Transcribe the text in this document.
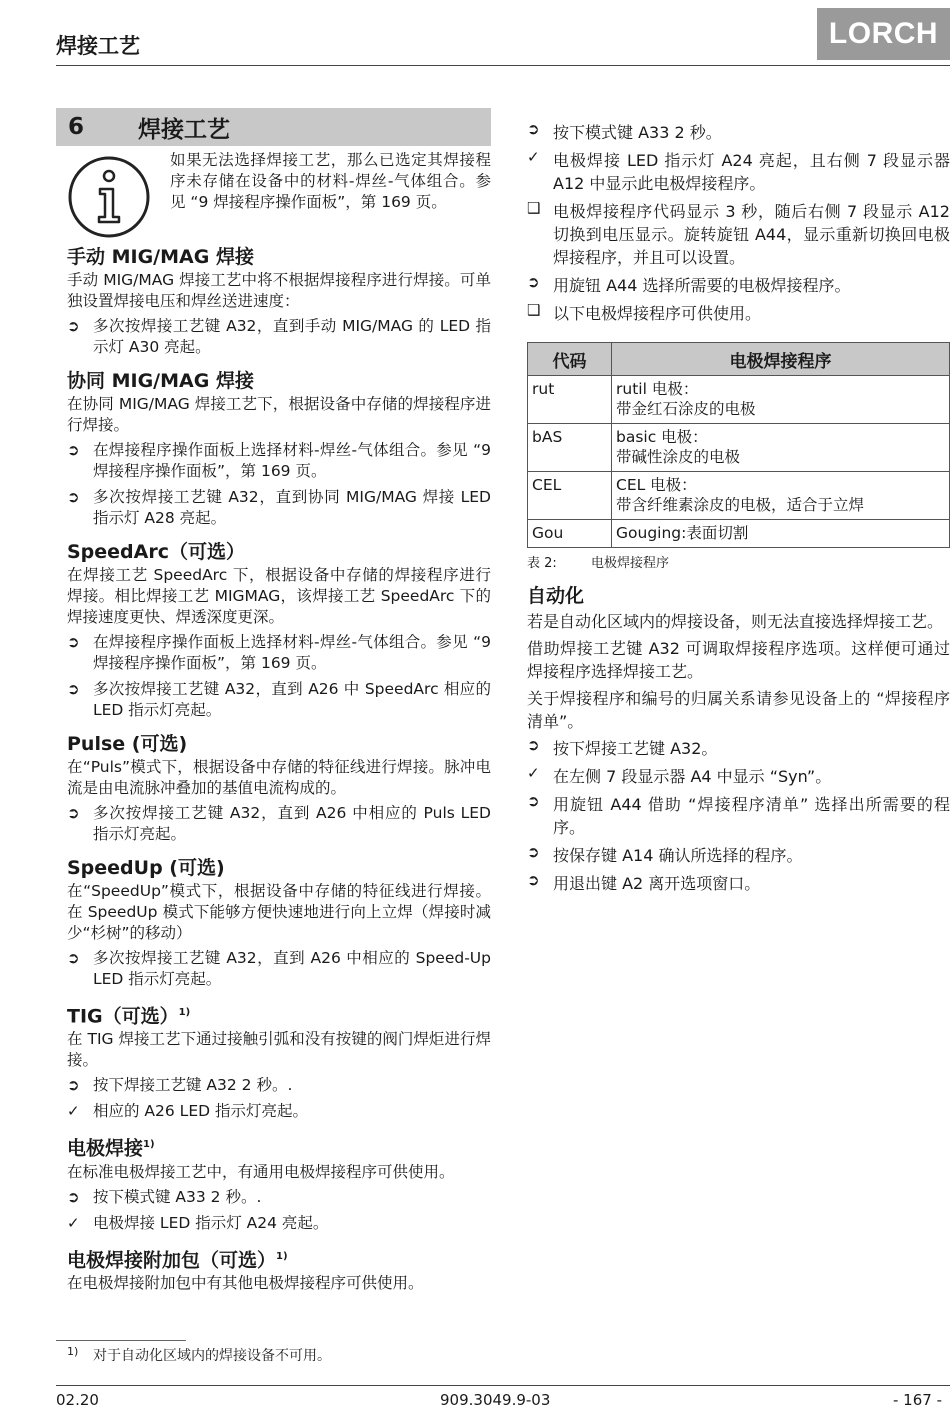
焊接工艺	LORCH
6	焊接工艺
如果无法选择焊接工艺，那么已选定其焊接程序未存储在设备中的材料-焊丝-气体组合。参见 “9 焊接程序操作面板”，第 169 页。
手动 MIG/MAG 焊接

手动 MIG/MAG 焊接工艺中将不根据焊接程序进行焊接。可单独设置焊接电压和焊丝送进速度：

➲ 多次按焊接工艺键 A32，直到手动 MIG/MAG 的 LED 指示灯 A30 亮起。
协同 MIG/MAG 焊接

在协同 MIG/MAG 焊接工艺下，根据设备中存储的焊接程序进行焊接。

➲ 在焊接程序操作面板上选择材料-焊丝-气体组合。参见 “9 焊接程序操作面板”，第 169 页。
➲ 多次按焊接工艺键 A32，直到协同 MIG/MAG 焊接 LED 指示灯 A28 亮起。
SpeedArc（可选）

在焊接工艺 SpeedArc 下，根据设备中存储的焊接程序进行焊接。相比焊接工艺 MIGMAG，该焊接工艺 SpeedArc 下的焊接速度更快、焊透深度更深。

➲ 在焊接程序操作面板上选择材料-焊丝-气体组合。参见 “9 焊接程序操作面板”，第 169 页。
➲ 多次按焊接工艺键 A32，直到 A26 中 SpeedArc 相应的 LED 指示灯亮起。
Pulse (可选)

在“Puls”模式下，根据设备中存储的特征线进行焊接。脉冲电流是由电流脉冲叠加的基值电流构成的。

➲ 多次按焊接工艺键 A32，直到 A26 中相应的 Puls LED 指示灯亮起。
SpeedUp (可选)

在“SpeedUp”模式下，根据设备中存储的特征线进行焊接。在 SpeedUp 模式下能够方便快速地进行向上立焊（焊接时减少“杉树”的移动）

➲ 多次按焊接工艺键 A32，直到 A26 中相应的 Speed-Up LED 指示灯亮起。
TIG（可选）$^{1)}$

在 TIG 焊接工艺下通过接触引弧和没有按键的阀门焊炬进行焊接。

➲ 按下焊接工艺键 A32 2 秒。.
✓ 相应的 A26 LED 指示灯亮起。
电极焊接$^{1)}$

在标准电极焊接工艺中，有通用电极焊接程序可供使用。

➲ 按下模式键 A33 2 秒。.
✓ 电极焊接 LED 指示灯 A24 亮起。
电极焊接附加包（可选）$^{1)}$

在电极焊接附加包中有其他电极焊接程序可供使用。

➲ 按下模式键 A33 2 秒。
✓ 电极焊接 LED 指示灯 A24 亮起，且右侧 7 段显示器 A12 中显示此电极焊接程序。
❑ 电极焊接程序代码显示 3 秒，随后右侧 7 段显示 A12 切换到电压显示。旋转旋钮 A44，显示重新切换回电极焊接程序，并且可以设置。
➲ 用旋钮 A44 选择所需要的电极焊接程序。
❑ 以下电极焊接程序可供使用。
代码	电极焊接程序
rut	rutil 电极：
带金红石涂皮的电极

bAS	basic 电极：
带碱性涂皮的电极

CEL	CEL 电极：
带含纤维素涂皮的电极，适合于立焊

Gou	Gouging:表面切割
表 2:	电极焊接程序
自动化

若是自动化区域内的焊接设备，则无法直接选择焊接工艺。

借助焊接工艺键 A32 可调取焊接程序选项。这样便可通过焊接程序选择焊接工艺。

关于焊接程序和编号的归属关系请参见设备上的 “焊接程序清单”。

➲ 按下焊接工艺键 A32。
✓ 在左侧 7 段显示器 A4 中显示 “Syn”。
➲ 用旋钮 A44 借助 “焊接程序清单” 选择出所需要的程序。
➲ 按保存键 A14 确认所选择的程序。
➲ 用退出键 A2 离开选项窗口。
1) 对于自动化区域内的焊接设备不可用。
02.20	909.3049.9-03	- 167 -
